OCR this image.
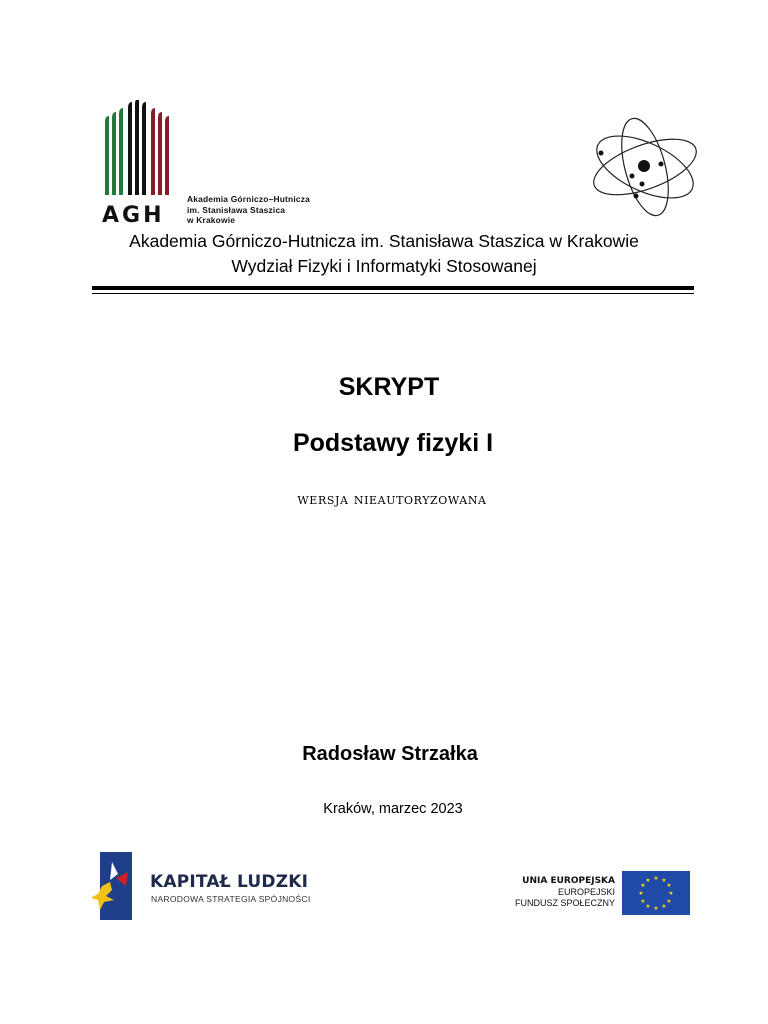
AGH
Akademia Górniczo–Hutnicza
im. Stanisława Staszica
w Krakowie
Akademia Górniczo-Hutnicza im. Stanisława Staszica w Krakowie
Wydział Fizyki i Informatyki Stosowanej
SKRYPT
Podstawy fizyki I
wersja nieautoryzowana
Radosław Strzałka
Kraków, marzec 2023
KAPITAŁ LUDZKI
NARODOWA STRATEGIA SPÓJNOŚCI
UNIA EUROPEJSKA
EUROPEJSKI
FUNDUSZ SPOŁECZNY
★ ★
★
★
★
★
★
★
★
★
★
★
